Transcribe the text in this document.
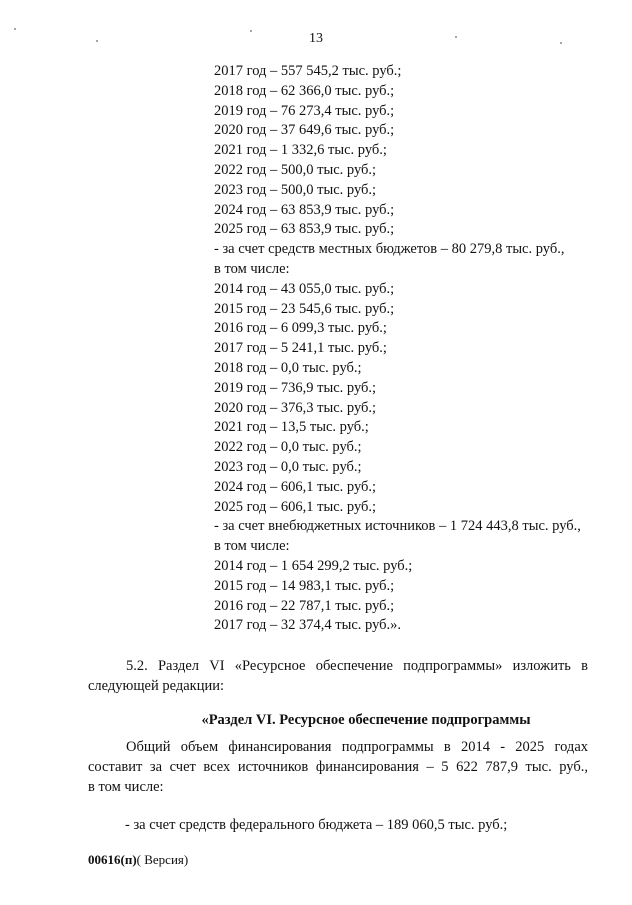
13
2017 год – 557 545,2 тыс. руб.;
2018 год – 62 366,0 тыс. руб.;
2019 год – 76 273,4 тыс. руб.;
2020 год – 37 649,6 тыс. руб.;
2021 год – 1 332,6 тыс. руб.;
2022 год – 500,0 тыс. руб.;
2023 год – 500,0 тыс. руб.;
2024 год – 63 853,9 тыс. руб.;
2025 год – 63 853,9 тыс. руб.;
- за счет средств местных бюджетов – 80 279,8 тыс. руб.,
в том числе:
2014 год – 43 055,0 тыс. руб.;
2015 год – 23 545,6 тыс. руб.;
2016 год – 6 099,3 тыс. руб.;
2017 год – 5 241,1 тыс. руб.;
2018 год – 0,0 тыс. руб.;
2019 год – 736,9 тыс. руб.;
2020 год – 376,3 тыс. руб.;
2021 год – 13,5 тыс. руб.;
2022 год – 0,0 тыс. руб.;
2023 год – 0,0 тыс. руб.;
2024 год – 606,1 тыс. руб.;
2025 год – 606,1 тыс. руб.;
- за счет внебюджетных источников – 1 724 443,8 тыс. руб.,
в том числе:
2014 год – 1 654 299,2 тыс. руб.;
2015 год – 14 983,1 тыс. руб.;
2016 год – 22 787,1 тыс. руб.;
2017 год – 32 374,4 тыс. руб.».
5.2. Раздел VI «Ресурсное обеспечение подпрограммы» изложить в
следующей редакции:
«Раздел VI. Ресурсное обеспечение подпрограммы
Общий объем финансирования подпрограммы в 2014 - 2025 годах
составит за счет всех источников финансирования – 5 622 787,9 тыс. руб.,
в том числе:
- за счет средств федерального бюджета – 189 060,5 тыс. руб.;
00616(п)( Версия)
